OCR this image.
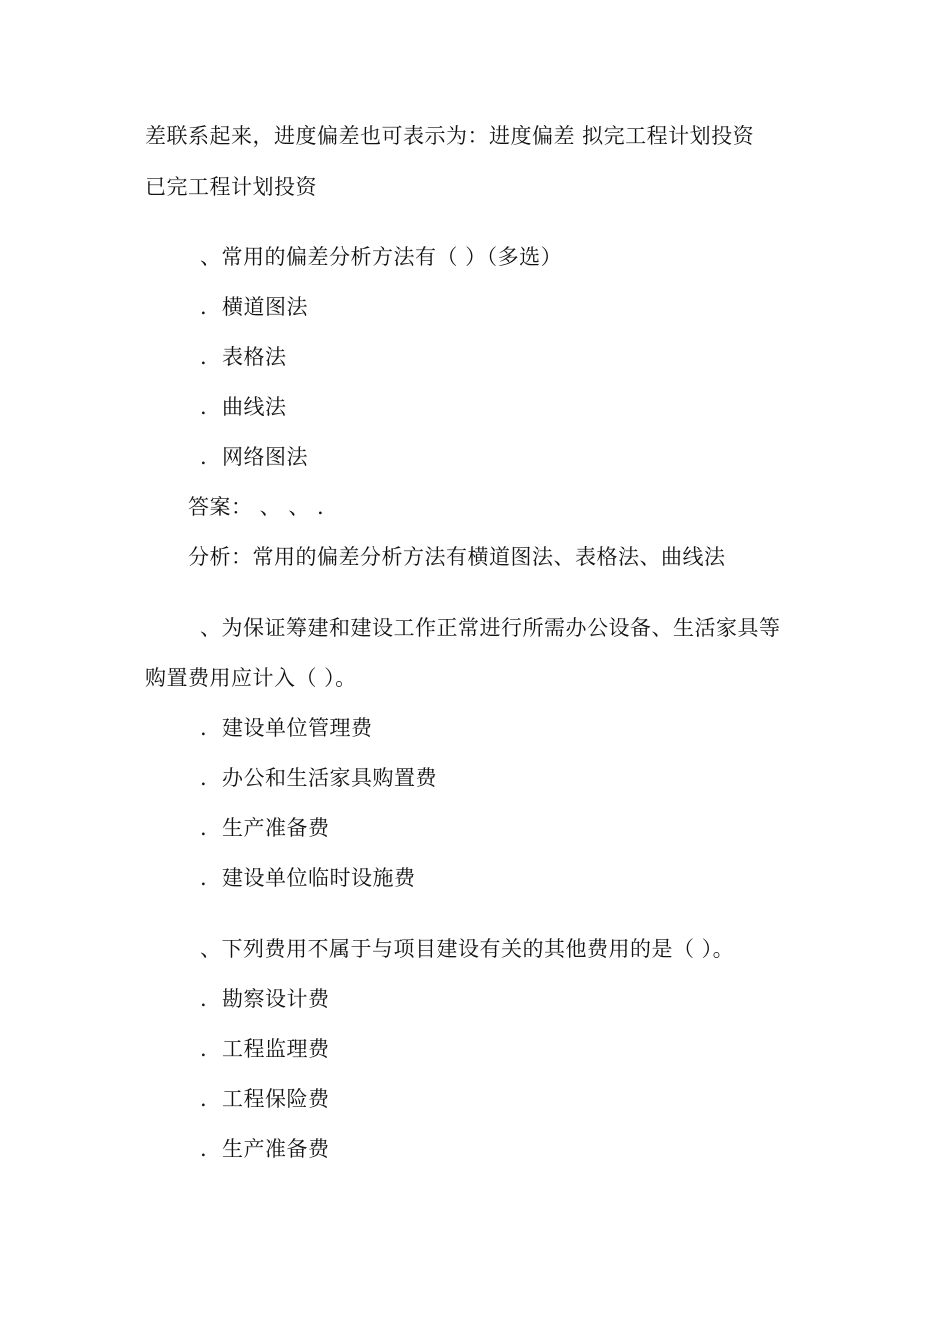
差联系起来，进度偏差也可表示为：进度偏差 拟完工程计划投资
已完工程计划投资
、常用的偏差分析方法有（ ）（多选）
. 横道图法
. 表格法
. 曲线法
. 网络图法
答案： 、 、 .
分析：常用的偏差分析方法有横道图法、表格法、曲线法
、为保证筹建和建设工作正常进行所需办公设备、生活家具等
购置费用应计入（ ）。
. 建设单位管理费
. 办公和生活家具购置费
. 生产准备费
. 建设单位临时设施费
、下列费用不属于与项目建设有关的其他费用的是（ ）。
. 勘察设计费
. 工程监理费
. 工程保险费
. 生产准备费
